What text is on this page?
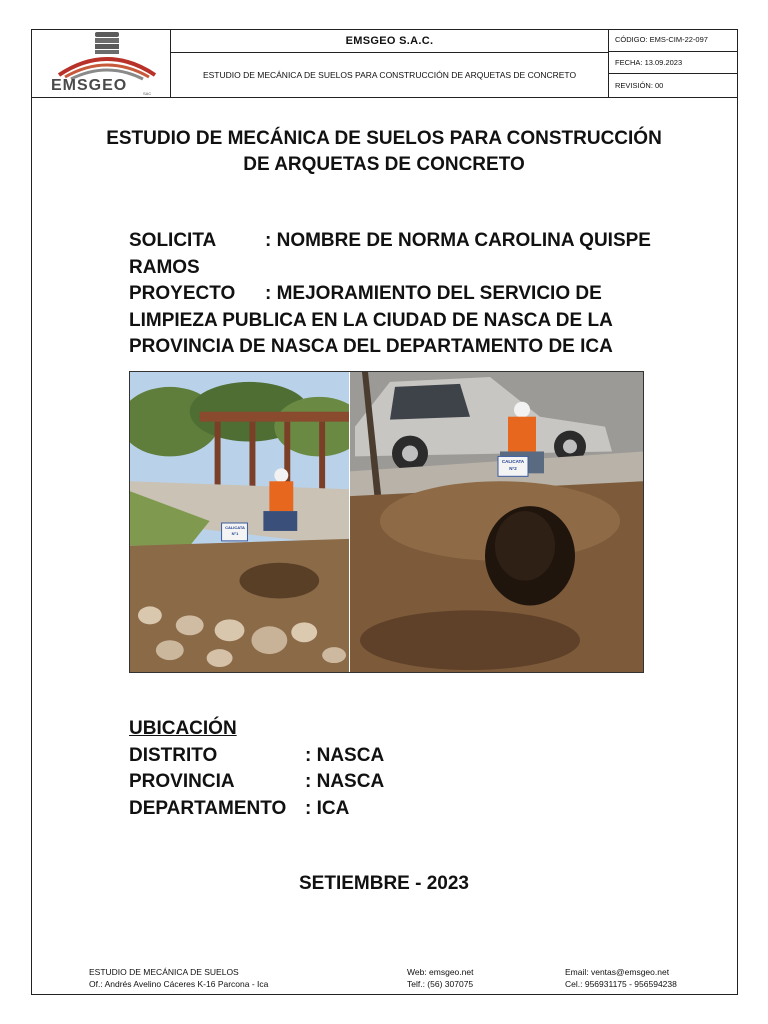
EMSGEO	SAC
EMSGEO S.A.C.
ESTUDIO DE MECÁNICA DE SUELOS PARA CONSTRUCCIÓN DE ARQUETAS DE CONCRETO
CÓDIGO: EMS-CIM-22-097
FECHA: 13.09.2023
REVISIÓN: 00
ESTUDIO DE MECÁNICA DE SUELOS PARA CONSTRUCCIÓN
DE ARQUETAS DE CONCRETO
SOLICITA	: NOMBRE DE NORMA CAROLINA QUISPE
RAMOS
PROYECTO : MEJORAMIENTO DEL SERVICIO DE
LIMPIEZA PUBLICA EN LA CIUDAD DE NASCA DE LA
PROVINCIA DE NASCA DEL DEPARTAMENTO DE ICA
CALICATA N°1
CALICATA N°2
UBICACIÓN
DISTRITO	: NASCA
PROVINCIA	: NASCA
DEPARTAMENTO : ICA
SETIEMBRE - 2023
ESTUDIO DE MECÁNICA DE SUELOS
Of.: Andrés Avelino Cáceres K-16 Parcona - Ica
Web: emsgeo.net
Telf.: (56) 307075
Email: ventas@emsgeo.net
Cel.: 956931175 - 956594238
